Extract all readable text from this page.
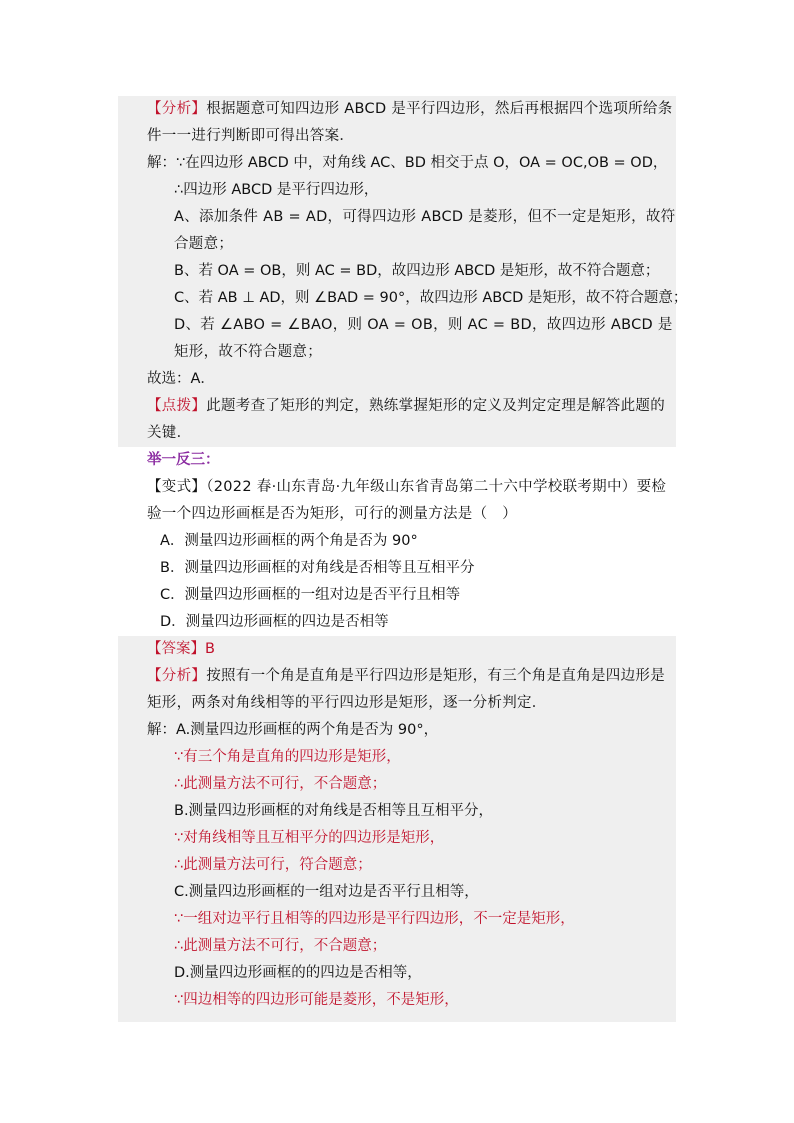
【分析】根据题意可知四边形 ABCD 是平行四边形，然后再根据四个选项所给条件一一进行判断即可得出答案．
解：∵在四边形 ABCD 中，对角线 AC、BD 相交于点 O，OA = OC,OB = OD，
∴四边形 ABCD 是平行四边形，
A、添加条件 AB = AD，可得四边形 ABCD 是菱形，但不一定是矩形，故符合题意；
B、若 OA = OB，则 AC = BD，故四边形 ABCD 是矩形，故不符合题意；
C、若 AB ⊥ AD，则 ∠BAD = 90°，故四边形 ABCD 是矩形，故不符合题意；
D、若 ∠ABO = ∠BAO，则 OA = OB，则 AC = BD，故四边形 ABCD 是矩形，故不符合题意；
故选：A．
【点拨】此题考查了矩形的判定，熟练掌握矩形的定义及判定定理是解答此题的关键．
举一反三：
【变式】（2022 春·山东青岛·九年级山东省青岛第二十六中学校联考期中）要检验一个四边形画框是否为矩形，可行的测量方法是（　）
A．测量四边形画框的两个角是否为 90°
B．测量四边形画框的对角线是否相等且互相平分
C．测量四边形画框的一组对边是否平行且相等
D．测量四边形画框的四边是否相等
【答案】B
【分析】按照有一个角是直角是平行四边形是矩形，有三个角是直角是四边形是矩形，两条对角线相等的平行四边形是矩形，逐一分析判定．
解：A.测量四边形画框的两个角是否为 90°，
∵有三个角是直角的四边形是矩形，
∴此测量方法不可行，不合题意；
B.测量四边形画框的对角线是否相等且互相平分，
∵对角线相等且互相平分的四边形是矩形，
∴此测量方法可行，符合题意；
C.测量四边形画框的一组对边是否平行且相等，
∵一组对边平行且相等的四边形是平行四边形，不一定是矩形，
∴此测量方法不可行，不合题意；
D.测量四边形画框的的四边是否相等，
∵四边相等的四边形可能是菱形，不是矩形，
